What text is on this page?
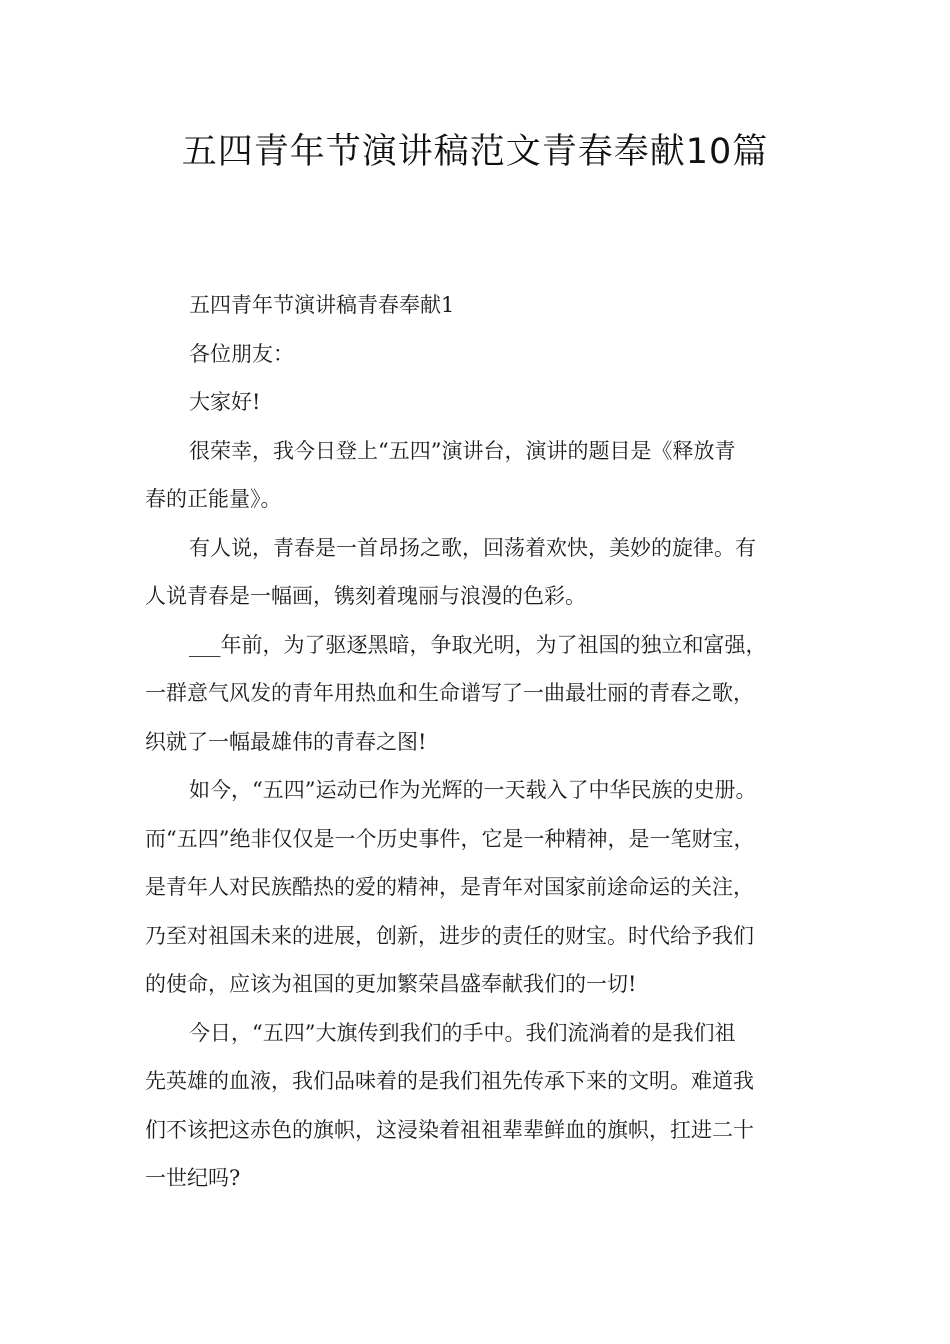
五四青年节演讲稿范文青春奉献10篇

五四青年节演讲稿青春奉献1

各位朋友：

大家好!

很荣幸，我今日登上“五四”演讲台，演讲的题目是《释放青
春的正能量》。

有人说，青春是一首昂扬之歌，回荡着欢快，美妙的旋律。有
人说青春是一幅画，镌刻着瑰丽与浪漫的色彩。

___年前，为了驱逐黑暗，争取光明，为了祖国的独立和富强，
一群意气风发的青年用热血和生命谱写了一曲最壮丽的青春之歌，
织就了一幅最雄伟的青春之图!

如今，“五四”运动已作为光辉的一天载入了中华民族的史册。
而“五四”绝非仅仅是一个历史事件，它是一种精神，是一笔财宝，
是青年人对民族酷热的爱的精神，是青年对国家前途命运的关注，
乃至对祖国未来的进展，创新，进步的责任的财宝。时代给予我们
的使命，应该为祖国的更加繁荣昌盛奉献我们的一切!

今日，“五四”大旗传到我们的手中。我们流淌着的是我们祖
先英雄的血液，我们品味着的是我们祖先传承下来的文明。难道我
们不该把这赤色的旗帜，这浸染着祖祖辈辈鲜血的旗帜，扛进二十
一世纪吗?
